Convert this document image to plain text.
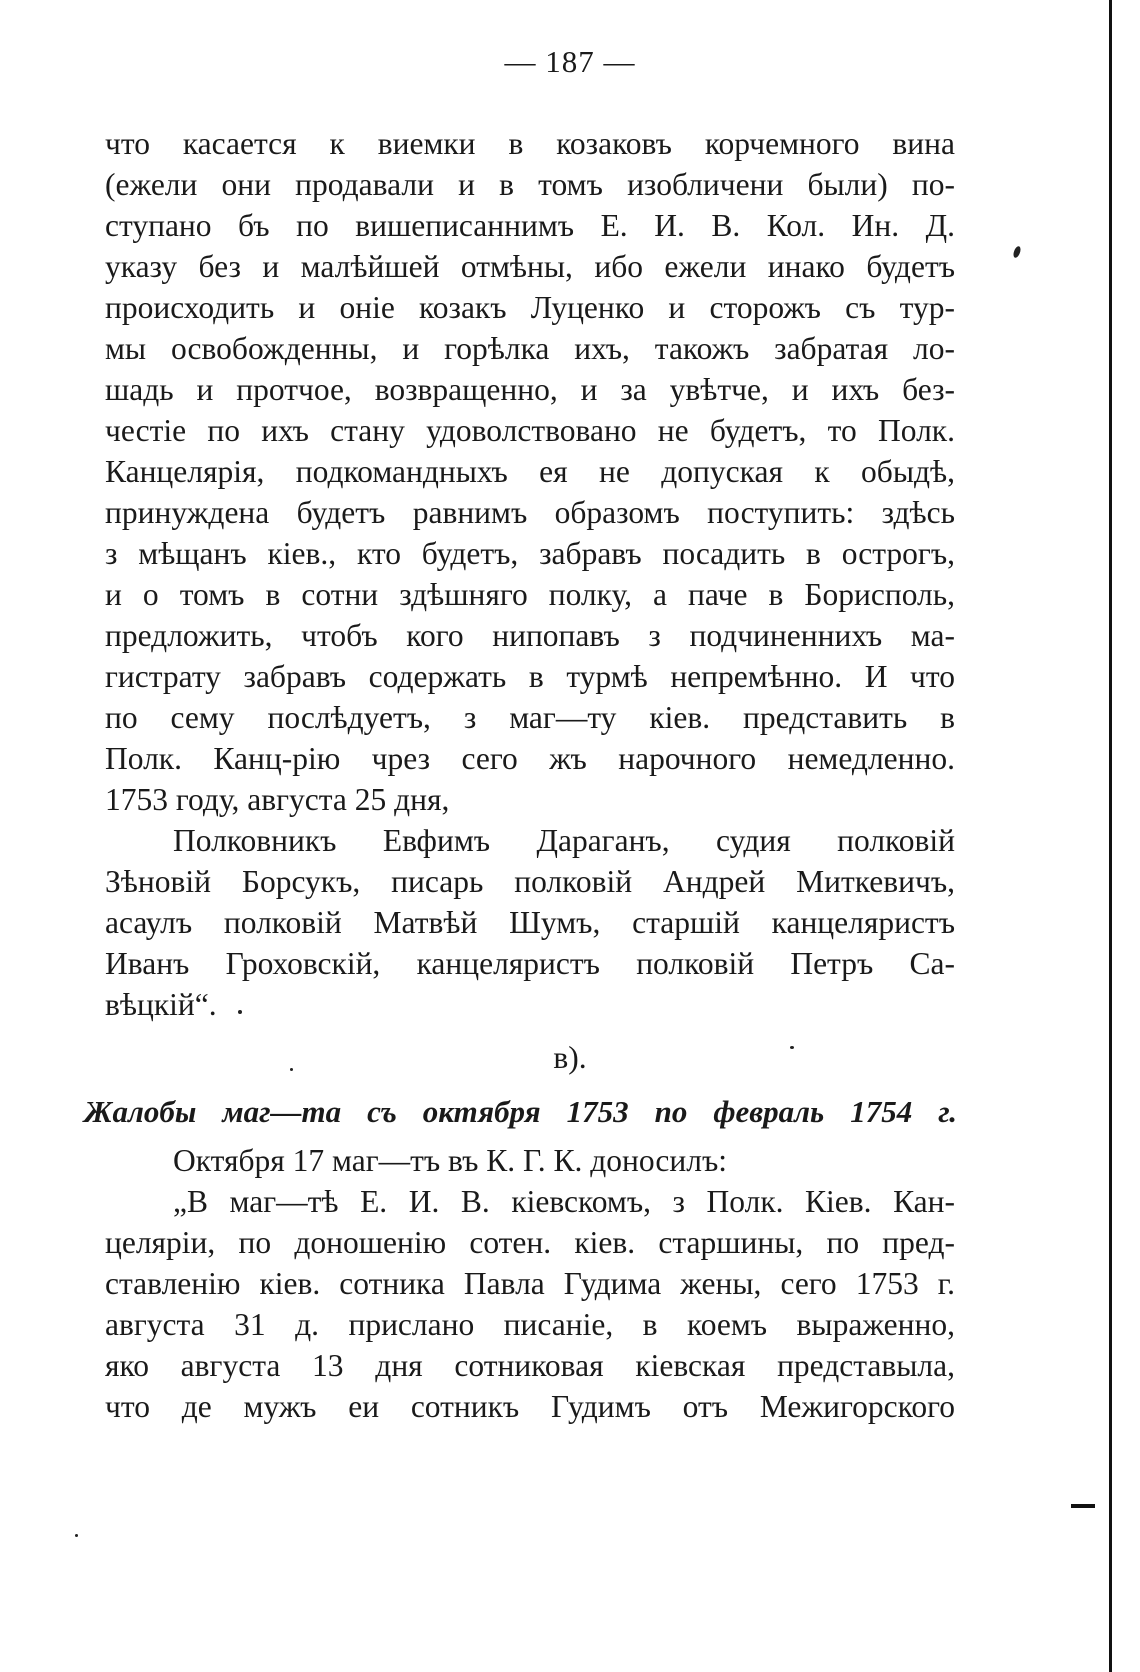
— 187 —
что касается к виемки в козаковъ корчемного вина
(ежели они продавали и в томъ изобличени были) по-
ступано бъ по вишеписаннимъ Е. И. В. Кол. Ин. Д.
указу без и малѣйшей отмѣны, ибо ежели инако будетъ
происходить и оніе козакъ Луценко и сторожъ съ тур-
мы освобожденны, и горѣлка ихъ, такожъ забратая ло-
шадь и протчое, возвращенно, и за увѣтче, и ихъ без-
честіе по ихъ стану удоволствовано не будетъ, то Полк.
Канцелярія, подкомандныхъ ея не допуская к обыдѣ,
принуждена будетъ равнимъ образомъ поступить: здѣсь
з мѣщанъ кіев., кто будетъ, забравъ посадить в острогъ,
и о томъ в сотни здѣшняго полку, а паче в Борисполь,
предложить, чтобъ кого нипопавъ з подчиненнихъ ма-
гистрату забравъ содержать в турмѣ непремѣнно. И что
по сему послѣдуетъ, з маг—ту кіев. представить в
Полк. Канц-рію чрез сего жъ нарочного немедленно.
1753 году, августа 25 дня,
Полковникъ Евфимъ Дараганъ, судия полковій
Зѣновій Борсукъ, писарь полковій Андрей Миткевичъ,
асаулъ полковій Матвѣй Шумъ, старшій канцеляристъ
Иванъ Гроховскій, канцеляристъ полковій Петръ Са-
вѣцкій“.
в).
Жалобы маг—та съ октября 1753 по февраль 1754 г.
Октября 17 маг—тъ въ К. Г. К. доносилъ:
„В маг—тѣ Е. И. В. кіевскомъ, з Полк. Кіев. Кан-
целяріи, по доношенію сотен. кіев. старшины, по пред-
ставленію кіев. сотника Павла Гудима жены, сего 1753 г.
августа 31 д. прислано писаніе, в коемъ выраженно,
яко августа 13 дня сотниковая кіевская представыла,
что де мужъ еи сотникъ Гудимъ отъ Межигорского
